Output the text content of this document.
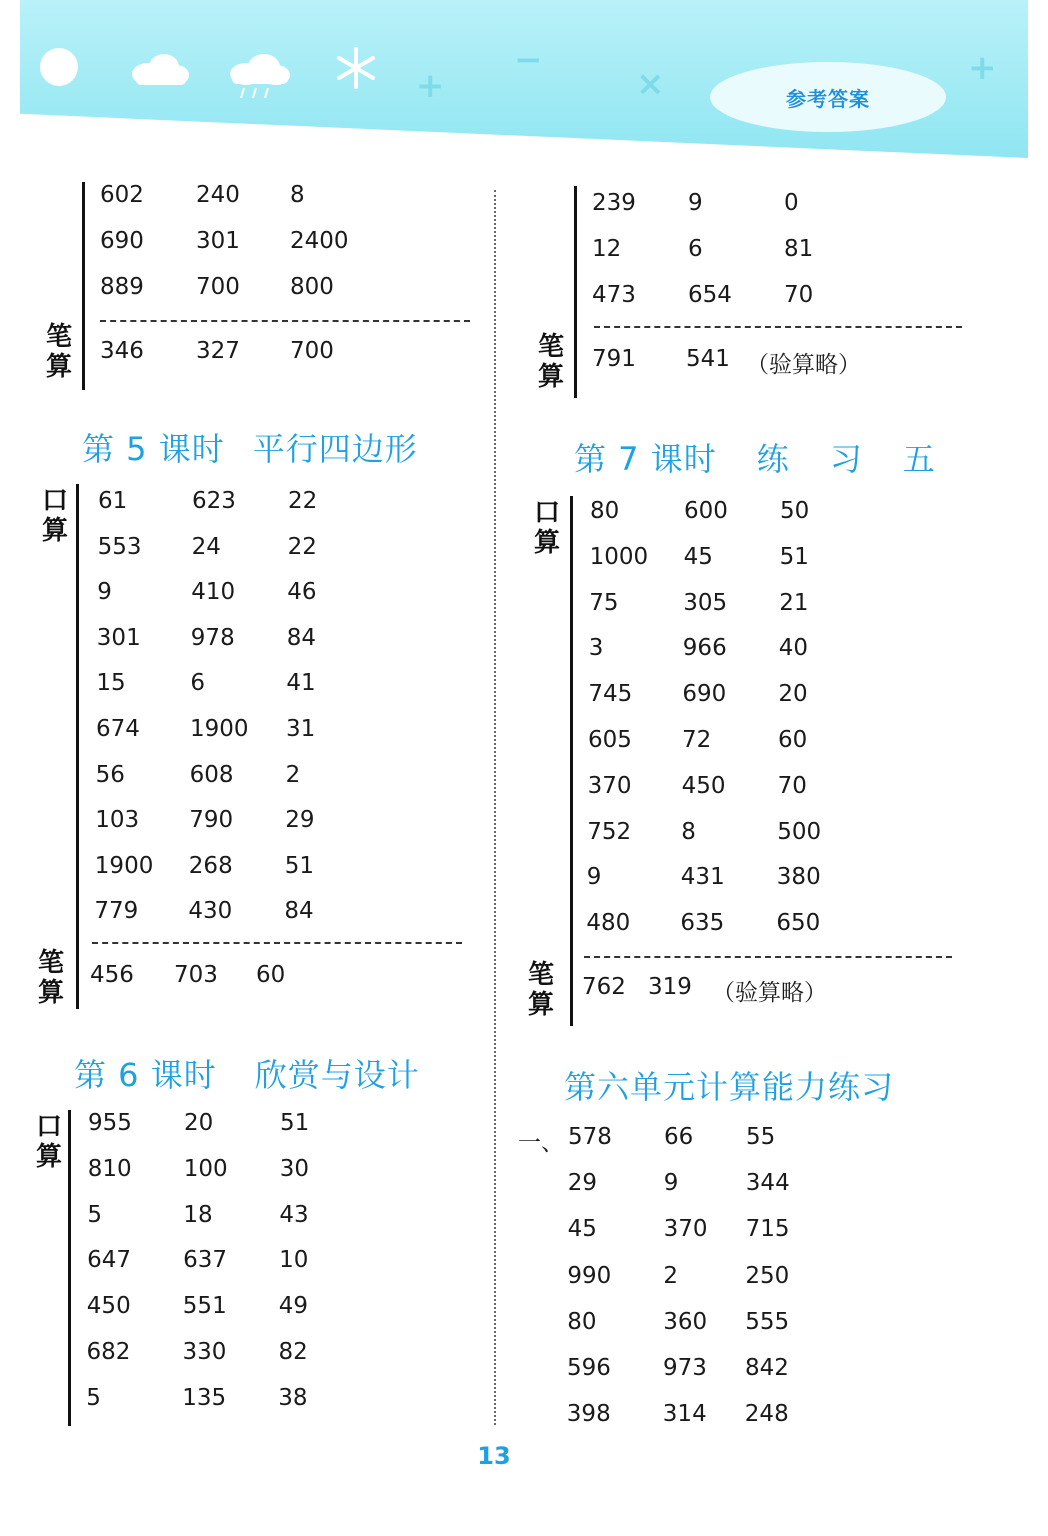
+
−
×	+
参考答案
笔算
602 240 8
690 301 2400
889 700 800
346 327 700
第 5 课时 平行四边形
口算
笔算
61	623 22
553 24	22
9	410 46
301 978 84
15	6	41
674 1900 31
56	608 2
103 790 29
1900 268 51
779 430 84
456 703 60
第 6 课时 欣赏与设计
口算
955 20	51
810 100 30
5	18	43
647 637 10
450 551 49
682 330 82
5	135 38
笔算
239 9	0
12	6	81
473 654 70
791 541 （验算略）
第 7 课时 练 习 五
口算
笔算
80	600 50
1000 45	51
75	305 21
3	966 40
745 690 20
605 72	60
370 450 70
752 8	500
9	431 380
480 635 650
762 319 （验算略）
第六单元计算能力练习
一、 578 66 55
29	9	344
45	370 715
990 2	250
80	360 555
596 973 842
398 314 248
13
